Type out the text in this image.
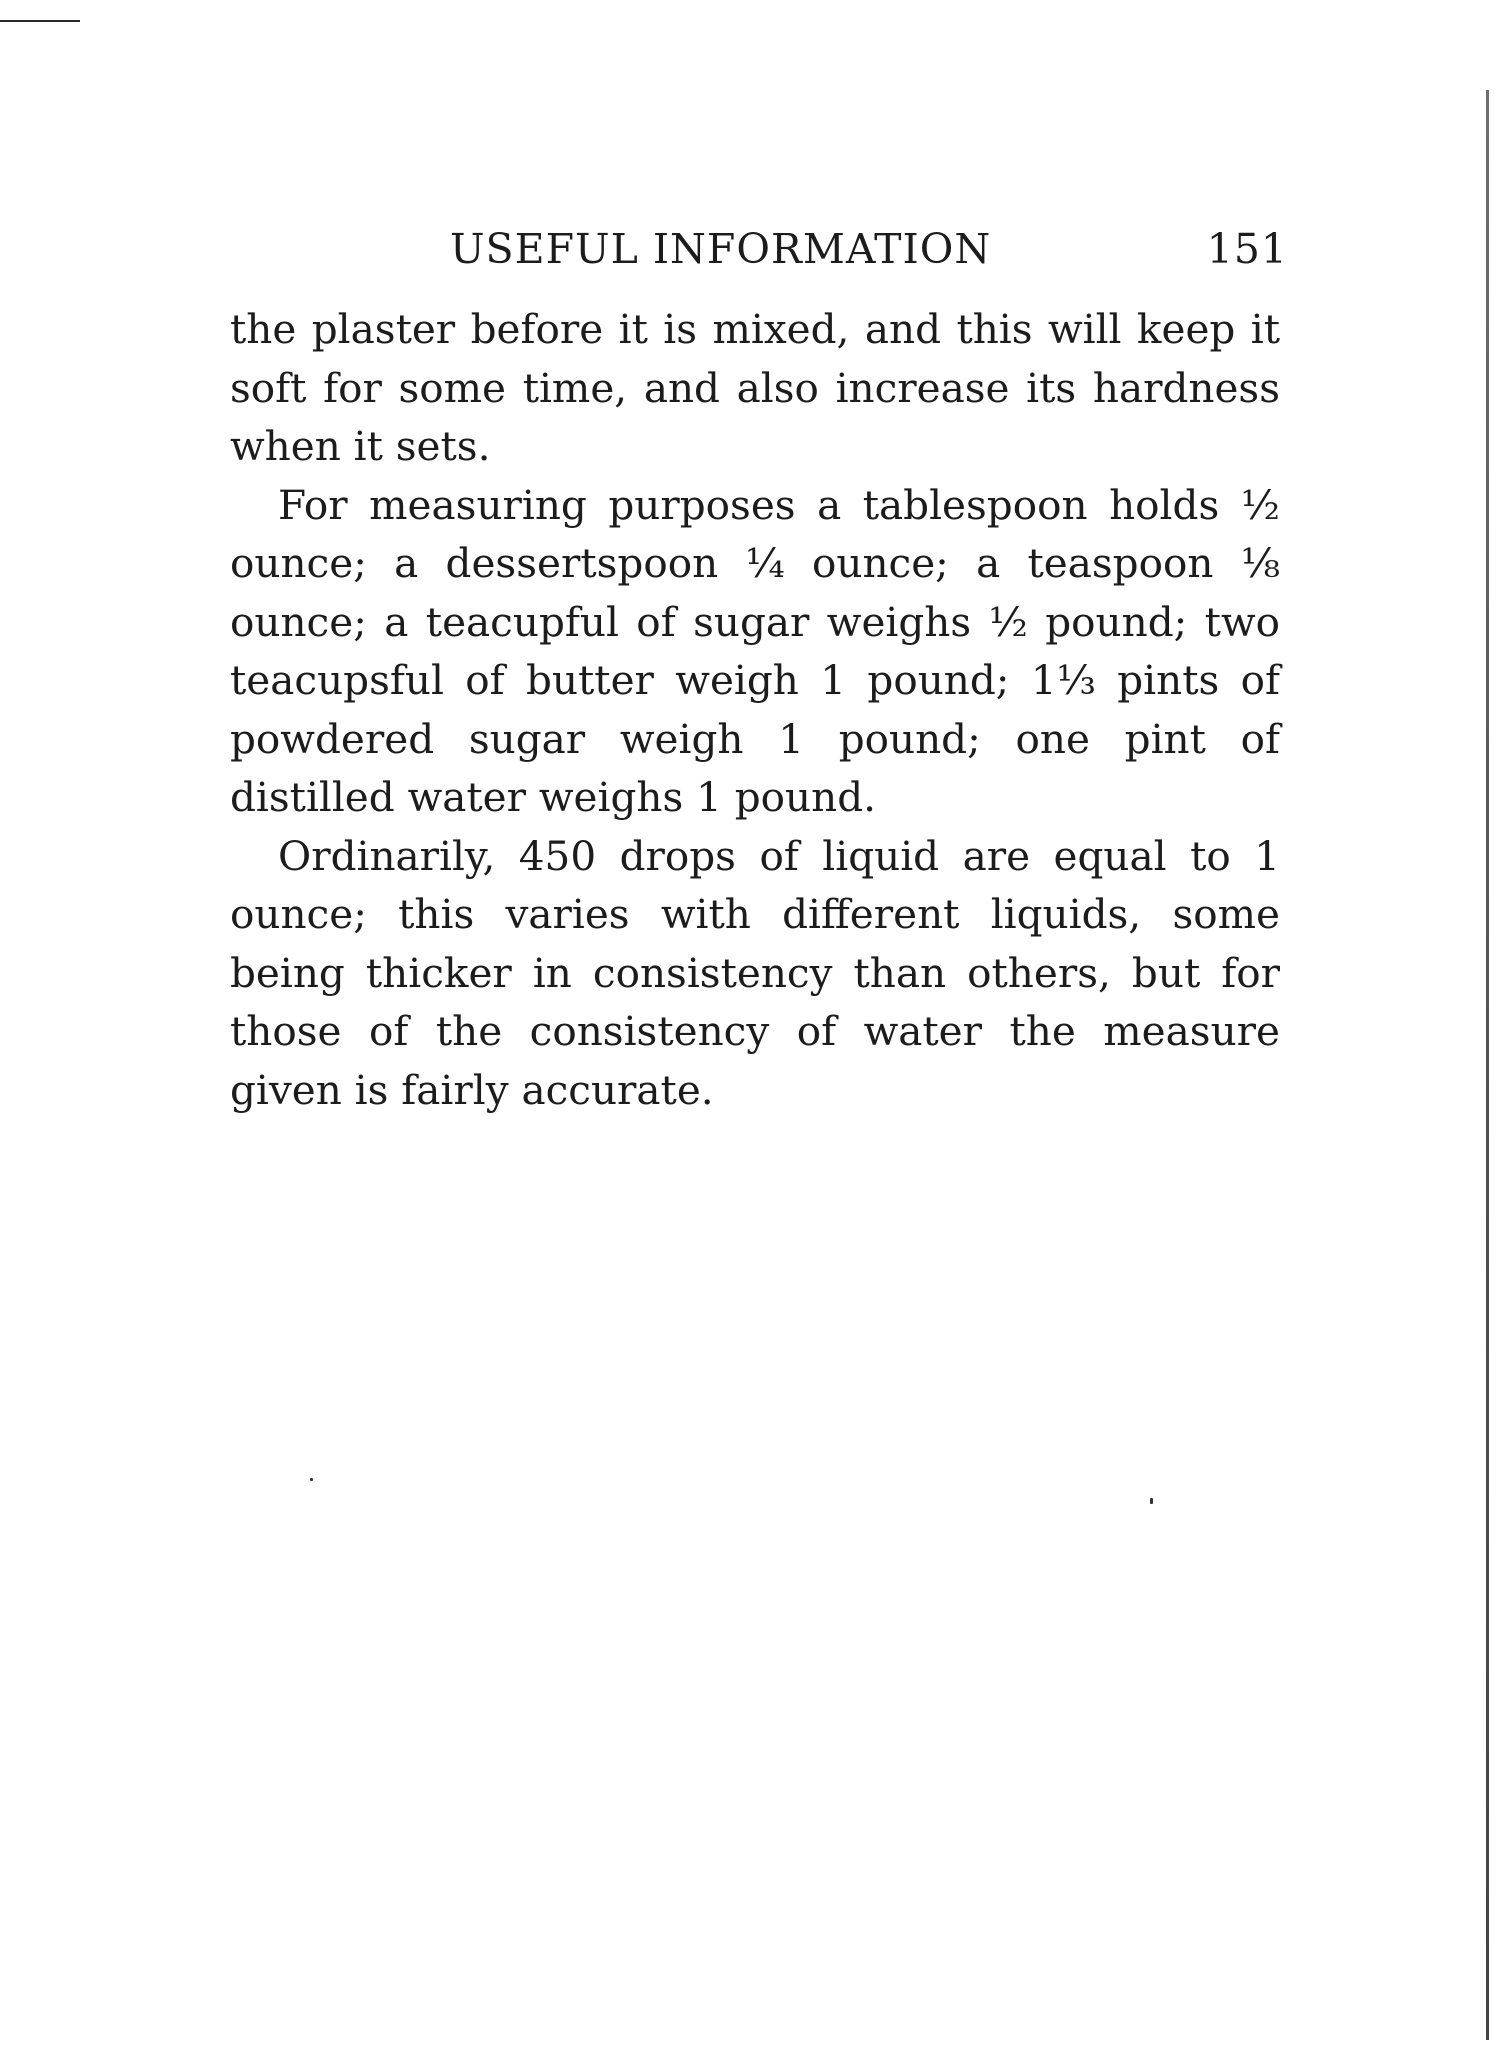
USEFUL INFORMATION	151

the plaster before it is mixed, and this will keep it soft for some time, and also increase its hardness when it sets.

For measuring purposes a tablespoon holds ½ ounce; a dessertspoon ¼ ounce; a teaspoon ⅛ ounce; a teacupful of sugar weighs ½ pound; two teacupsful of butter weigh 1 pound; 1⅓ pints of powdered sugar weigh 1 pound; one pint of distilled water weighs 1 pound.

Ordinarily, 450 drops of liquid are equal to 1 ounce; this varies with different liquids, some being thicker in consistency than others, but for those of the consistency of water the measure given is fairly accurate.
